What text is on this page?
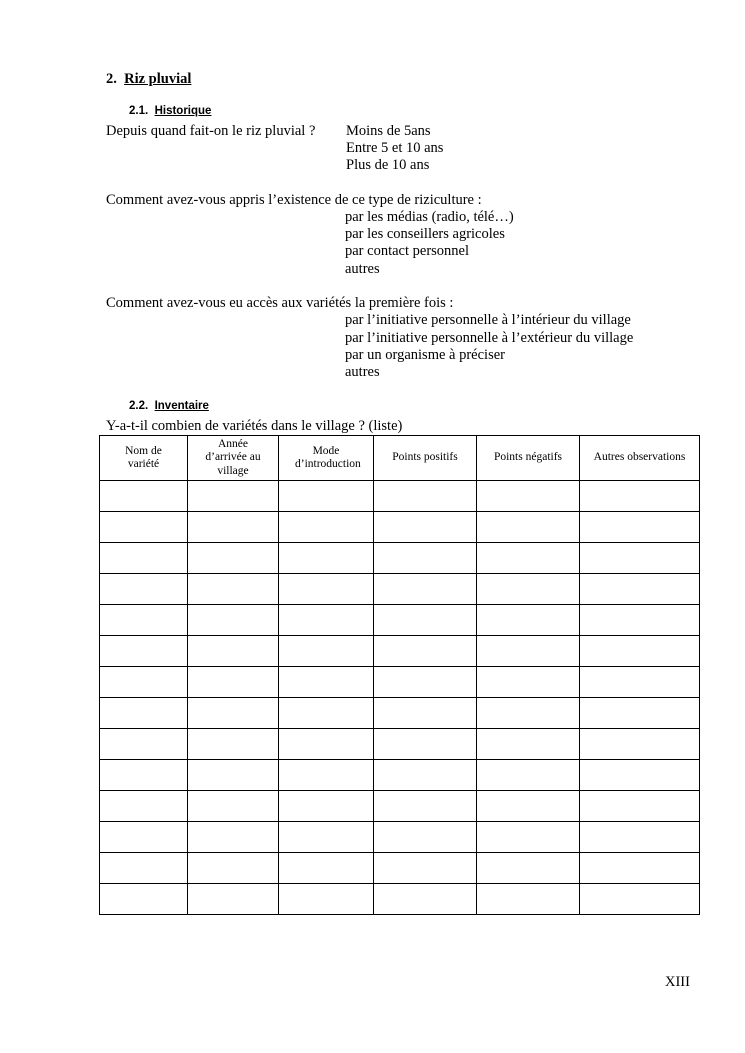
2. Riz pluvial
2.1. Historique
Depuis quand fait-on le riz pluvial ? Moins de 5ans
Entre 5 et 10 ans
Plus de 10 ans
Comment avez-vous appris l’existence de ce type de riziculture :
par les médias (radio, télé…)
par les conseillers agricoles
par contact personnel
autres
Comment avez-vous eu accès aux variétés la première fois :
par l’initiative personnelle à l’intérieur du village
par l’initiative personnelle à l’extérieur du village
par un organisme à préciser
autres
2.2. Inventaire
Y-a-t-il combien de variétés dans le village ? (liste)
Nom de variété	Année d’arrivée au village	Mode d’introduction	Points positifs	Points négatifs	Autres observations

XIII
